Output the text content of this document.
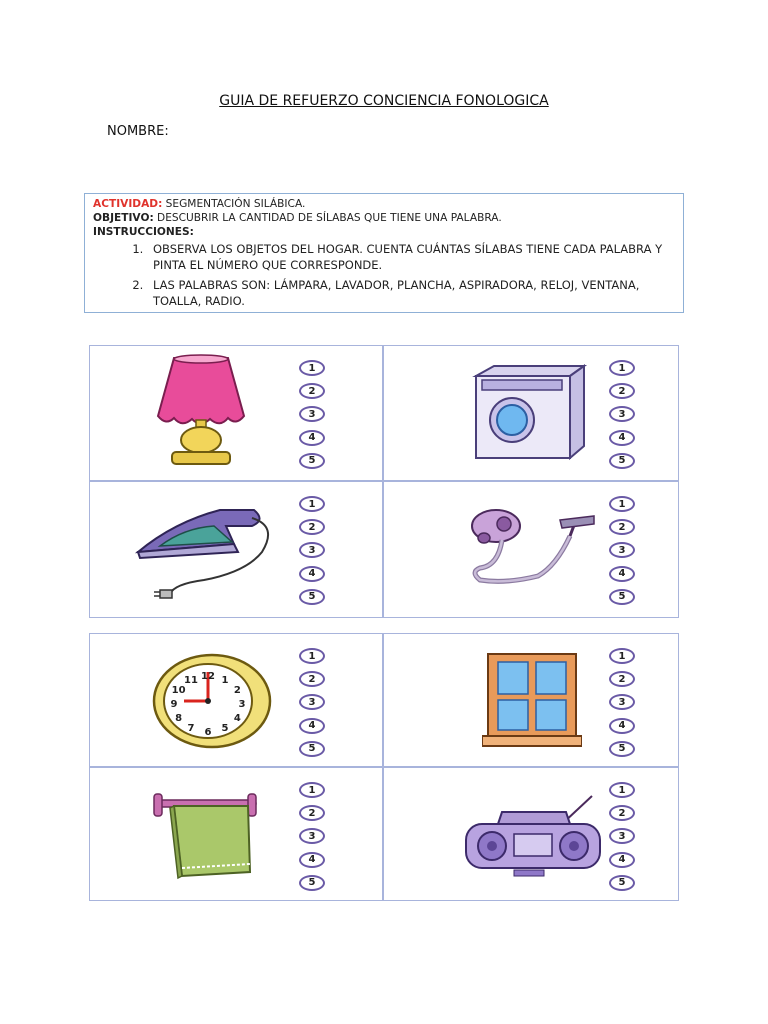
GUIA DE REFUERZO CONCIENCIA FONOLOGICA
NOMBRE:
ACTIVIDAD: SEGMENTACIÓN SILÁBICA.
OBJETIVO: DESCUBRIR LA CANTIDAD DE SÍLABAS QUE TIENE UNA PALABRA.
INSTRUCCIONES:
1. OBSERVA LOS OBJETOS DEL HOGAR. CUENTA CUÁNTAS SÍLABAS TIENE CADA PALABRA Y PINTA EL NÚMERO QUE CORRESPONDE.
2. LAS PALABRAS SON: LÁMPARA, LAVADOR, PLANCHA, ASPIRADORA, RELOJ, VENTANA, TOALLA, RADIO.
1
2
3
4
5
1
2
3
4
5
1
2
3
4
5
1
2
3
4
5
12 1
2
3
4
5
6
7
8
9
10
11
1
2
3
4
5
1
2
3
4
5
1
2
3
4
5
1
2
3
4
5
